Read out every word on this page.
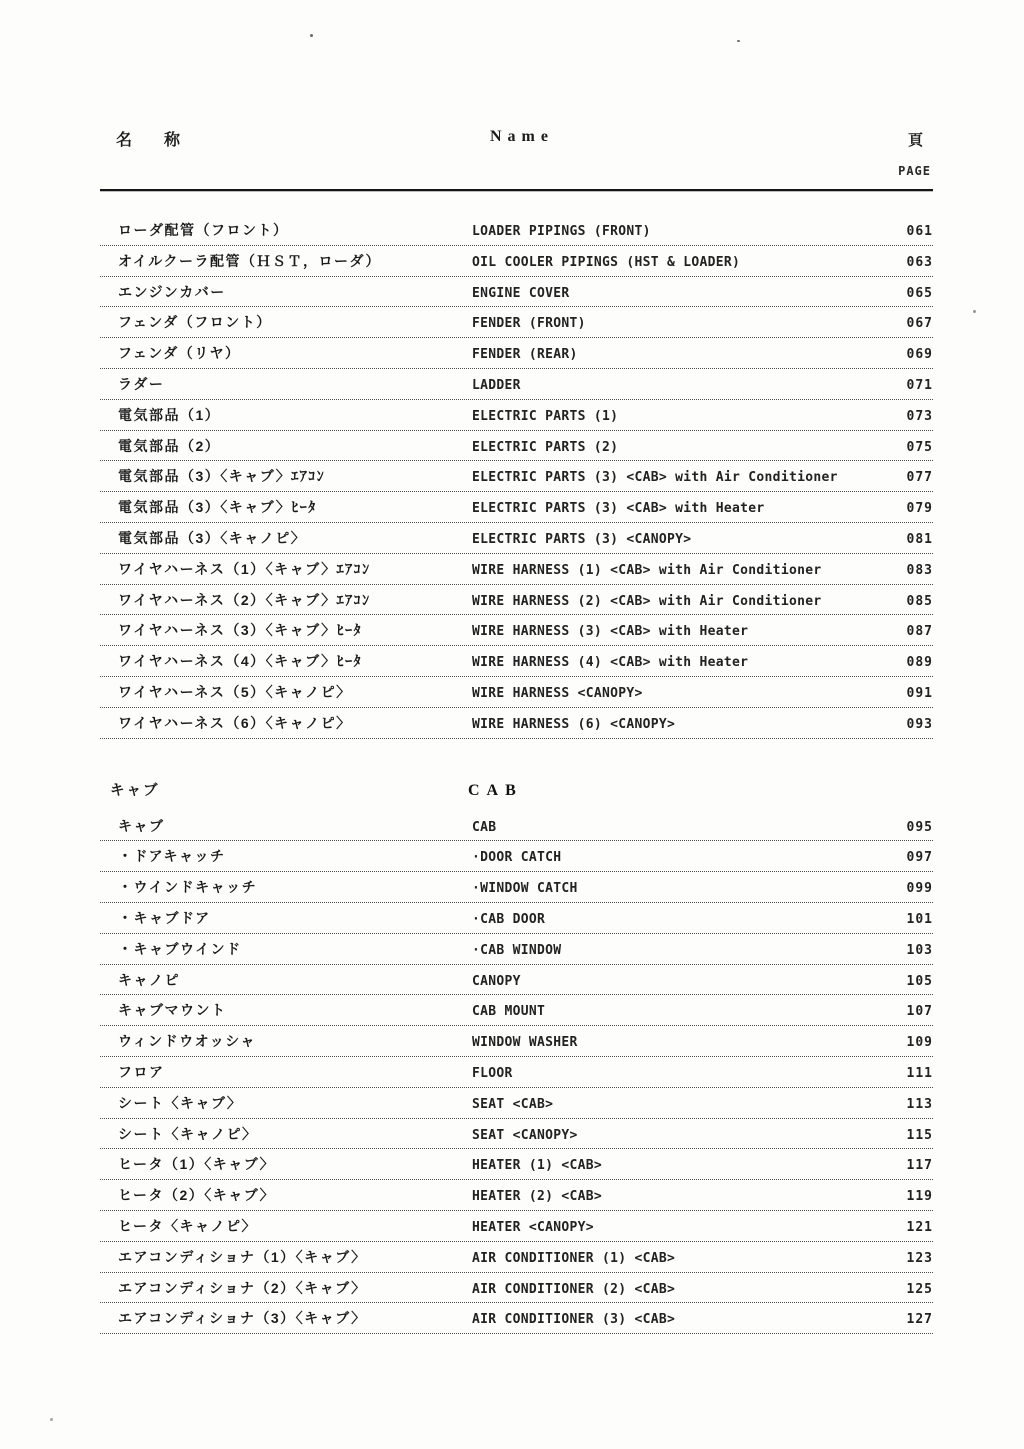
名 称	Name	頁
PAGE
ローダ配管（フロント）	LOADER PIPINGS (FRONT)	061
オイルクーラ配管（ＨＳＴ，ローダ）	OIL COOLER PIPINGS (HST & LOADER)	063
エンジンカバー	ENGINE COVER	065
フェンダ（フロント）	FENDER (FRONT)	067
フェンダ（リヤ）	FENDER (REAR)	069
ラダー	LADDER	071
電気部品（1）	ELECTRIC PARTS (1)	073
電気部品（2）	ELECTRIC PARTS (2)	075
電気部品（3）〈キャブ〉ｴｱｺﾝ	ELECTRIC PARTS (3) <CAB> with Air Conditioner	077
電気部品（3）〈キャブ〉ﾋｰﾀ	ELECTRIC PARTS (3) <CAB> with Heater	079
電気部品（3）〈キャノピ〉	ELECTRIC PARTS (3) <CANOPY>	081
ワイヤハーネス（1）〈キャブ〉ｴｱｺﾝ	WIRE HARNESS (1) <CAB> with Air Conditioner	083
ワイヤハーネス（2）〈キャブ〉ｴｱｺﾝ	WIRE HARNESS (2) <CAB> with Air Conditioner	085
ワイヤハーネス（3）〈キャブ〉ﾋｰﾀ	WIRE HARNESS (3) <CAB> with Heater	087
ワイヤハーネス（4）〈キャブ〉ﾋｰﾀ	WIRE HARNESS (4) <CAB> with Heater	089
ワイヤハーネス（5）〈キャノピ〉	WIRE HARNESS <CANOPY>	091
ワイヤハーネス（6）〈キャノピ〉	WIRE HARNESS (6) <CANOPY>	093
キャブ	CAB
キャブ	CAB	095
・ドアキャッチ	·DOOR CATCH	097
・ウインドキャッチ	·WINDOW CATCH	099
・キャブドア	·CAB DOOR	101
・キャブウインド	·CAB WINDOW	103
キャノピ	CANOPY	105
キャブマウント	CAB MOUNT	107
ウィンドウオッシャ	WINDOW WASHER	109
フロア	FLOOR	111
シート〈キャブ〉	SEAT <CAB>	113
シート〈キャノピ〉	SEAT <CANOPY>	115
ヒータ（1）〈キャブ〉	HEATER (1) <CAB>	117
ヒータ（2）〈キャブ〉	HEATER (2) <CAB>	119
ヒータ〈キャノピ〉	HEATER <CANOPY>	121
エアコンディショナ（1）〈キャブ〉	AIR CONDITIONER (1) <CAB>	123
エアコンディショナ（2）〈キャブ〉	AIR CONDITIONER (2) <CAB>	125
エアコンディショナ（3）〈キャブ〉	AIR CONDITIONER (3) <CAB>	127
